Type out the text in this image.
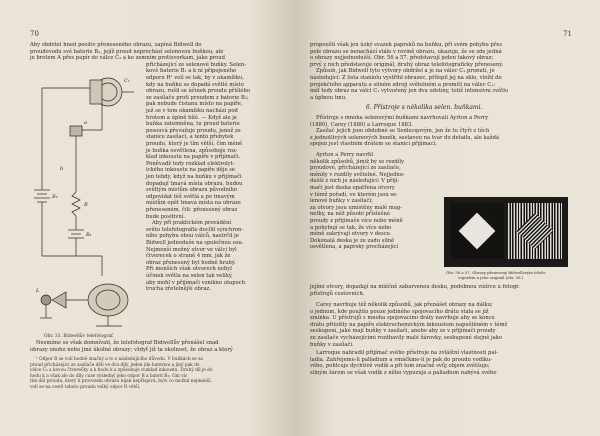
70
Aby obdržel hned positiv přeneseného obrazu, zapíná Bidwell do
proudovodu své baterie B₂, jejíž proud neprochází selenovou buňkou, ale
je brotem A přes papír do válce C₂ a ke zemním protisvorkam, jako proud
C₁
a
b
R
B₂
B₁
L
Obr. 33. Bidwellův telefotograf.
přicházející ze selenové buňky. Selen-
kové baterie B₁ a k ní připojeného
odporu R¹ volí se tak, by v okamžiku,
kdy na buňku se dopadá světlé místo
obrazu, rušil se účinek proudu přišlého
ze zasílače proti proudem z baterie B₂;
pak nebude čistanu místo na papíře,
jež se v tom okamžiku nachází pod
hrotem a úplně bílé. — Když ale je
buňka zatemněna, tu proud baterie
posouvá převažuje proudu, jenož ze
stanice zasílací, a tento přebytek
proudu, který je tím větší, čím méně
je buňka osvětlena, způsobuje roz-
klad inkoustu na papíře v přijímači.
Poněvadž tedy rozklad elektrolyt-
ického inkoustu na papíře děje se
jen tehdy, když na buňku v přijímači
dopadají tmavá místa obrazu, budou
světlým místům obrazu původního
odpovídat též světlá a po tmavým
místům opět tmavá místa na obraze
přeneseném, čili: přenesený obraz
bude positivní.
Aby při praktickém provádění
světo telefotografie docílil synchron-
ního pohybu obou válců, nastrčil je
Bidwell jednoduše na společnou osu.
Nejmenší možný otvor ve válci byl
čtverecek o straně 4 mm, jak že
obraz přenesený byl hodně hrubý.
Při menších však otvorech nebyl
účinek světla na selen tak veliký,
aby mohl v přijímači vznikno utapoch
trucha zřetelnější obraz.
Nesmíme se však domnívati, že telefotograf Bidwellův přenášel snad
obrazy onoho nebo jiné úkolné obrazy; vždyť již ta okolnost, že obraz a který
¹ Odpor R se volí hodně značný a to z následujícího důvodu. V buňkách se za
proud přicházející ze zasílače děli ve dva díly, jeden jde bateriou a jiný pak do
válce C₂ a kovou čtverečky a k hodu k a způsobuje rozklad inkoustu. Druhý díl je do
hodu k a však ale do díly cuze výsledný jeho odpor B a bateri B₂; čím víc
tím dál proudu, který k provozem obrazu nijak nepřispívá, bylo co možná nejmenší,
volí se na cestě tohoto proudu velký odpor R větší.
71
propouští však jen úzký svazek paprsků na buňku, při svém pohybu přes
pole obrazu se nenachází stále v rovině obrazu, ukazuje, že se zde jedná
o obrazy nejjednodušší. Obr. 56 a 57. představují jeden takový obraz;
prvý z nich představuje originál, druhý obraz telefotograficky přenesený.
Způsob, jak Bidwell tyto výtvory obdržel a je na válec C₁ pronutí, je
následující: Z lista staniolu vystřihl obrazec, přilepil jej na sklo, vložil do
projekčního apparatu a silném zdroji světelném a promítl na válec C₁;
měl tedy obraz na válci C₁ vytvořený jen dva odstíny, totiž intensivní světlo
a úplnou tmu.
6. Přístroje s několika selen. buňkami.
Přístroje s mnoha selenovými buňkami navrhovali Ayrton a Perry
(1880), Carey (1880) a Larroque 1883.
Zasílač jejich jsou obdobně se Senlecqovým, jen že tu čtyři z těch
z jednotlivých selenových buněk, sestavou na tvar do detailu, ale každá
spojen jest vlastním drátem se stanicí přijímací.
Ayrton a Perry navrhl
několik způsobů, jimiž by se rozdíly
proudové, přicházející ze zasílače,
měnily v rozdíly světelné. Nejjedno-
dušší z nich je následující: V přijí-
mači jest deska opatřena otvory
v témž pořadí, ve kterém jsou se-
lenové buňky v zasílači;
za otvory jsou umístěny malé mag-
netky, na něž působí příslušné
proudy z přijímače více nebo méně
a pohybují se tak, že více nebo
méně zakrývají otvory v desce.
Dokonalá deska je ze zadu silně
osvětlena, a paprsky procházející
jejími otvory, dopadají na mléčně zabarvenou desku, podobnou vizírce u fotogr.
přístrojů cestovních.
Obr. 56 a 57. Obrazy přenesený Bidwellovým telefo-
tografem a jeho originál (obr. 56.)
Carey navrhuje též několik způsobů, jak přenášet obrazy na dálku;
o jednom, kde použito pouze jediného spojovacího drátu stala se již
zmínka. U přístrojů s mnoha spojovacími dráty navrhuje aby se konce
drátu přiložily na papíře elektrochemickým inkoustem napuštěném v témž
seskupení, jaké mají buňky v zasílači, anebo aby se v přijímači proudy
ze zasílače vycházejícími rozžhavily malé žárovky, seskupené stejně jako
buňky v zasílači.
Larroque nahradil přijímač svého přístroje na zvláštní vlastnosti pal-
ladia. Zahřejeme-li palladium a vmáčkme-li je pak do proudu vodíku-
vého, pohlcuje dychtivě vodík a při tom značně svůj objem zvětšuje;
silným žárem se však vodík z něho vypuzuje a palladium nabývá svého
